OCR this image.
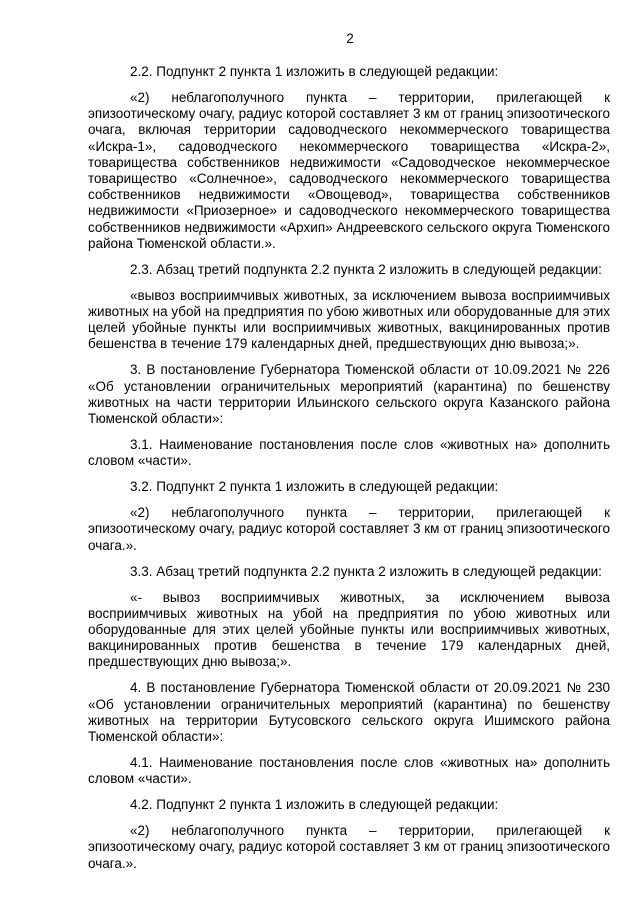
2

2.2. Подпункт 2 пункта 1 изложить в следующей редакции:

«2) неблагополучного пункта – территории, прилегающей к эпизоотическому очагу, радиус которой составляет 3 км от границ эпизоотического очага, включая территории садоводческого некоммерческого товарищества «Искра-1», садоводческого некоммерческого товарищества «Искра-2», товарищества собственников недвижимости «Садоводческое некоммерческое товарищество «Солнечное», садоводческого некоммерческого товарищества собственников недвижимости «Овощевод», товарищества собственников недвижимости «Приозерное» и садоводческого некоммерческого товарищества собственников недвижимости «Архип» Андреевского сельского округа Тюменского района Тюменской области.».

2.3. Абзац третий подпункта 2.2 пункта 2 изложить в следующей редакции:

«вывоз восприимчивых животных, за исключением вывоза восприимчивых животных на убой на предприятия по убою животных или оборудованные для этих целей убойные пункты или восприимчивых животных, вакцинированных против бешенства в течение 179 календарных дней, предшествующих дню вывоза;».

3. В постановление Губернатора Тюменской области от 10.09.2021 № 226 «Об установлении ограничительных мероприятий (карантина) по бешенству животных на части территории Ильинского сельского округа Казанского района Тюменской области»:

3.1. Наименование постановления после слов «животных на» дополнить словом «части».

3.2. Подпункт 2 пункта 1 изложить в следующей редакции:

«2) неблагополучного пункта – территории, прилегающей к эпизоотическому очагу, радиус которой составляет 3 км от границ эпизоотического очага.».

3.3. Абзац третий подпункта 2.2 пункта 2 изложить в следующей редакции:

«- вывоз восприимчивых животных, за исключением вывоза восприимчивых животных на убой на предприятия по убою животных или оборудованные для этих целей убойные пункты или восприимчивых животных, вакцинированных против бешенства в течение 179 календарных дней, предшествующих дню вывоза;».

4. В постановление Губернатора Тюменской области от 20.09.2021 № 230 «Об установлении ограничительных мероприятий (карантина) по бешенству животных на территории Бутусовского сельского округа Ишимского района Тюменской области»:

4.1. Наименование постановления после слов «животных на» дополнить словом «части».

4.2. Подпункт 2 пункта 1 изложить в следующей редакции:

«2) неблагополучного пункта – территории, прилегающей к эпизоотическому очагу, радиус которой составляет 3 км от границ эпизоотического очага.».
